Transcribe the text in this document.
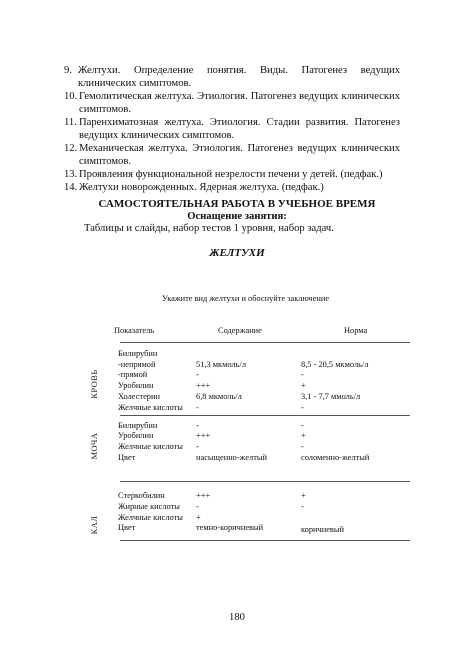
9. Желтухи. Определение понятия. Виды. Патогенез ведущих клинических симптомов.
10. Гемолитическая желтуха. Этиология. Патогенез ведущих клинических симптомов.
11. Паренхиматозная желтуха. Этиология. Стадии развития. Патогенез ведущих клинических симптомов.
12. Механическая желтуха. Этиология. Патогенез ведущих клинических симптомов.
13. Проявления функциональной незрелости печени у детей. (педфак.)
14. Желтухи новорожденных. Ядерная желтуха. (педфак.)
САМОСТОЯТЕЛЬНАЯ РАБОТА В УЧЕБНОЕ ВРЕМЯ
Оснащение занятия:
Таблицы и слайды, набор тестов 1 уровня, набор задач.
ЖЕЛТУХИ
Укажите вид желтухи и обоснуйте заключение
Показатель	Содержание	Норма
КРОВЬ
Билирубин
-непрямой	51,3 мкмоль/л	8,5 - 20,5 мкмоль/л
-прямой	-	-
Уробилин	+++	+
Холестерин	6,8 мкмоль/л	3,1 - 7,7 ммоль/л
Желчные кислоты -	-
МОЧА
Билирубин	-	-
Уробилин	+++	+
Желчные кислоты -	-
Цвет	насыщенно-желтый	соломенно-желтый
КАЛ
Стеркобилин	+++	+
Жирные кислоты -	-
Желчные кислоты +
Цвет	темно-коричневый	коричневый
180
